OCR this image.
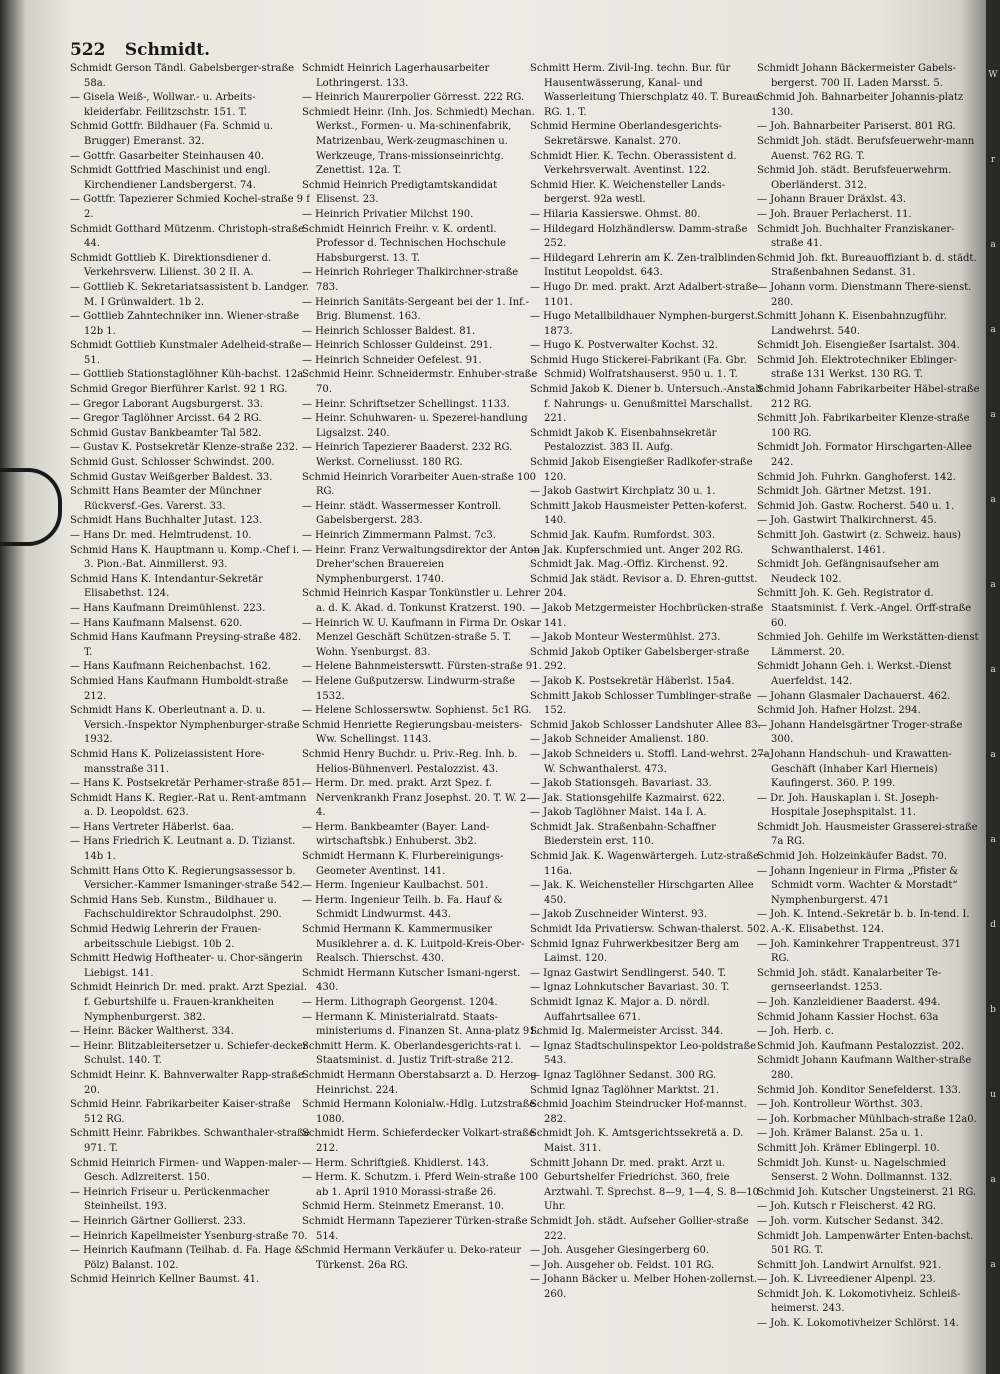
522 Schmidt.
Schmidt Gerson Tändl. Gabelsberger-straße 58a.
— Gisela Weiß-, Wollwar.- u. Arbeits-kleiderfabr. Feilitzschstr. 151. T.
Schmid Gottfr. Bildhauer (Fa. Schmid u. Brugger) Emeranst. 32.
— Gottfr. Gasarbeiter Steinhausen 40.
Schmidt Gottfried Maschinist und engl. Kirchendiener Landsbergerst. 74.
— Gottfr. Tapezierer Schmied Kochel-straße 9 f 2.
Schmidt Gotthard Mützenm. Christoph-straße 44.
Schmidt Gottlieb K. Direktionsdiener d. Verkehrsverw. Lilienst. 30 2 II. A.
— Gottlieb K. Sekretariatsassistent b. Landger. M. I Grünwaldert. 1b 2.
— Gottlieb Zahntechniker inn. Wiener-straße 12b 1.
Schmidt Gottlieb Kunstmaler Adelheid-straße 51.
— Gottlieb Stationstaglöhner Küh-bachst. 12a.
Schmid Gregor Bierführer Karlst. 92 1 RG.
— Gregor Laborant Augsburgerst. 33.
— Gregor Taglöhner Arcisst. 64 2 RG.
Schmid Gustav Bankbeamter Tal 582.
— Gustav K. Postsekretär Klenze-straße 232.
Schmid Gust. Schlosser Schwindst. 200.
Schmid Gustav Weißgerber Baldest. 33.
Schmitt Hans Beamter der Münchner Rückversf.-Ges. Varerst. 33.
Schmidt Hans Buchhalter Jutast. 123.
— Hans Dr. med. Helmtrudenst. 10.
Schmid Hans K. Hauptmann u. Komp.-Chef i. 3. Pion.-Bat. Ainmillerst. 93.
Schmid Hans K. Intendantur-Sekretär Elisabethst. 124.
— Hans Kaufmann Dreimühlenst. 223.
— Hans Kaufmann Malsenst. 620.
Schmid Hans Kaufmann Preysing-straße 482. T.
— Hans Kaufmann Reichenbachst. 162.
Schmied Hans Kaufmann Humboldt-straße 212.
Schmidt Hans K. Oberleutnant a. D. u. Versich.-Inspektor Nymphenburger-straße 1932.
Schmid Hans K. Polizeiassistent Hore-mansstraße 311.
— Hans K. Postsekretär Perhamer-straße 851.
Schmidt Hans K. Regier.-Rat u. Rent-amtmann a. D. Leopoldst. 623.
— Hans Vertreter Häberlst. 6aa.
— Hans Friedrich K. Leutnant a. D. Tizianst. 14b 1.
Schmitt Hans Otto K. Regierungsassessor b. Versicher.-Kammer Ismaninger-straße 542.
Schmid Hans Seb. Kunstm., Bildhauer u. Fachschuldirektor Schraudolphst. 290.
Schmid Hedwig Lehrerin der Frauen-arbeitsschule Liebigst. 10b 2.
Schmitt Hedwig Hoftheater- u. Chor-sängerin Liebigst. 141.
Schmidt Heinrich Dr. med. prakt. Arzt Spezial. f. Geburtshilfe u. Frauen-krankheiten Nymphenburgerst. 382.
— Heinr. Bäcker Waltherst. 334.
— Heinr. Blitzableitersetzer u. Schiefer-decker Schulst. 140. T.
Schmidt Heinr. K. Bahnverwalter Rapp-straße 20.
Schmid Heinr. Fabrikarbeiter Kaiser-straße 512 RG.
Schmitt Heinr. Fabrikbes. Schwanthaler-straße 971. T.
Schmid Heinrich Firmen- und Wappen-maler-Gesch. Adlzreiterst. 150.
— Heinrich Friseur u. Perückenmacher Steinheilst. 193.
— Heinrich Gärtner Gollierst. 233.
— Heinrich Kapellmeister Ysenburg-straße 70.
— Heinrich Kaufmann (Teilhab. d. Fa. Hage & Pölz) Balanst. 102.
Schmid Heinrich Kellner Baumst. 41.
Schmidt Heinrich Lagerhausarbeiter Lothringerst. 133.
— Heinrich Maurerpolier Görresst. 222 RG.
Schmiedt Heinr. (Inh. Jos. Schmiedt) Mechan. Werkst., Formen- u. Ma-schinenfabrik, Matrizenbau, Werk-zeugmaschinen u. Werkzeuge, Trans-missionseinrichtg. Zenettist. 12a. T.
Schmid Heinrich Predigtamtskandidat Elisenst. 23.
— Heinrich Privatier Milchst 190.
Schmidt Heinrich Freihr. v. K. ordentl. Professor d. Technischen Hochschule Habsburgerst. 13. T.
— Heinrich Rohrleger Thalkirchner-straße 783.
— Heinrich Sanitäts-Sergeant bei der 1. Inf.-Brig. Blumenst. 163.
— Heinrich Schlosser Baldest. 81.
— Heinrich Schlosser Guldeinst. 291.
— Heinrich Schneider Oefelest. 91.
Schmid Heinr. Schneidermstr. Enhuber-straße 70.
— Heinr. Schriftsetzer Schellingst. 1133.
— Heinr. Schuhwaren- u. Spezerei-handlung Ligsalzst. 240.
— Heinrich Tapezierer Baaderst. 232 RG. Werkst. Corneliusst. 180 RG.
Schmid Heinrich Vorarbeiter Auen-straße 100 RG.
— Heinr. städt. Wassermesser Kontroll. Gabelsbergerst. 283.
— Heinrich Zimmermann Palmst. 7c3.
— Heinr. Franz Verwaltungsdirektor der Anton Dreher'schen Brauereien Nymphenburgerst. 1740.
Schmid Heinrich Kaspar Tonkünstler u. Lehrer a. d. K. Akad. d. Tonkunst Kratzerst. 190.
— Heinrich W. U. Kaufmann in Firma Dr. Oskar Menzel Geschäft Schützen-straße 5. T. Wohn. Ysenburgst. 83.
— Helene Bahnmeisterswtt. Fürsten-straße 91.
— Helene Gußputzersw. Lindwurm-straße 1532.
— Helene Schlosserswtw. Sophienst. 5c1 RG.
Schmid Henriette Regierungsbau-meisters-Ww. Schellingst. 1143.
Schmid Henry Buchdr. u. Priv.-Reg. Inh. b. Helios-Bühnenverl. Pestalozzist. 43.
— Herm. Dr. med. prakt. Arzt Spez. f. Nervenkrankh Franz Josephst. 20. T. W. 2—4.
— Herm. Bankbeamter (Bayer. Land-wirtschaftsbk.) Enhuberst. 3b2.
Schmidt Hermann K. Flurbereinigungs-Geometer Aventinst. 141.
— Herm. Ingenieur Kaulbachst. 501.
— Herm. Ingenieur Teilh. b. Fa. Hauf & Schmidt Lindwurmst. 443.
Schmid Hermann K. Kammermusiker Musiklehrer a. d. K. Luitpold-Kreis-Ober-Realsch. Thierschst. 430.
Schmidt Hermann Kutscher Ismani-ngerst. 430.
— Herm. Lithograph Georgenst. 1204.
— Hermann K. Ministerialratd. Staats-ministeriums d. Finanzen St. Anna-platz 91.
Schmitt Herm. K. Oberlandesgerichts-rat i. Staatsminist. d. Justiz Trift-straße 212.
Schmidt Hermann Oberstabsarzt a. D. Herzog Heinrichst. 224.
Schmid Hermann Kolonialw.-Hdlg. Lutzstraße 1080.
Schmidt Herm. Schieferdecker Volkart-straße 212.
— Herm. Schriftgieß. Khidlerst. 143.
— Herm. K. Schutzm. i. Pferd Wein-straße 100 ab 1. April 1910 Morassi-straße 26.
Schmid Herm. Steinmetz Emeranst. 10.
Schmidt Hermann Tapezierer Türken-straße 514.
Schmid Hermann Verkäufer u. Deko-rateur Türkenst. 26a RG.
Schmitt Herm. Zivil-Ing. techn. Bur. für Hausentwässerung, Kanal- und Wasserleitung Thierschplatz 40. T. Bureau RG. 1. T.
Schmid Hermine Oberlandesgerichts-Sekretärswe. Kanalst. 270.
Schmidt Hier. K. Techn. Oberassistent d. Verkehrsverwalt. Aventinst. 122.
Schmid Hier. K. Weichensteller Lands-bergerst. 92a westl.
— Hilaria Kassierswe. Ohmst. 80.
— Hildegard Holzhändlersw. Damm-straße 252.
— Hildegard Lehrerin am K. Zen-tralblinden-Institut Leopoldst. 643.
— Hugo Dr. med. prakt. Arzt Adalbert-straße 1101.
— Hugo Metallbildhauer Nymphen-burgerst. 1873.
— Hugo K. Postverwalter Kochst. 32.
Schmid Hugo Stickerei-Fabrikant (Fa. Gbr. Schmid) Wolfratshauserst. 950 u. 1. T.
Schmid Jakob K. Diener b. Untersuch.-Anstalt f. Nahrungs- u. Genußmittel Marschallst. 221.
Schmidt Jakob K. Eisenbahnsekretär Pestalozzist. 383 II. Aufg.
Schmid Jakob Eisengießer Radlkofer-straße 120.
— Jakob Gastwirt Kirchplatz 30 u. 1.
Schmitt Jakob Hausmeister Petten-koferst. 140.
Schmid Jak. Kaufm. Rumfordst. 303.
— Jak. Kupferschmied unt. Anger 202 RG.
Schmidt Jak. Mag.-Offiz. Kirchenst. 92.
Schmid Jak städt. Revisor a. D. Ehren-guttst. 204.
— Jakob Metzgermeister Hochbrücken-straße 141.
— Jakob Monteur Westermühlst. 273.
Schmid Jakob Optiker Gabelsberger-straße 292.
— Jakob K. Postsekretär Häberlst. 15a4.
Schmitt Jakob Schlosser Tumblinger-straße 152.
Schmid Jakob Schlosser Landshuter Allee 83.
— Jakob Schneider Amalienst. 180.
— Jakob Schneiders u. Stoffl. Land-wehrst. 27a W. Schwanthalerst. 473.
— Jakob Stationsgeh. Bavariast. 33.
— Jak. Stationsgehilfe Kazmairst. 622.
— Jakob Taglöhner Maist. 14a I. A.
Schmidt Jak. Straßenbahn-Schaffner Biederstein erst. 110.
Schmid Jak. K. Wagenwärtergeh. Lutz-straße 116a.
— Jak. K. Weichensteller Hirschgarten Allee 450.
— Jakob Zuschneider Winterst. 93.
Schmidt Ida Privatiersw. Schwan-thalerst. 502.
Schmid Ignaz Fuhrwerkbesitzer Berg am Laimst. 120.
— Ignaz Gastwirt Sendlingerst. 540. T.
— Ignaz Lohnkutscher Bavariast. 30. T.
Schmidt Ignaz K. Major a. D. nördl. Auffahrtsallee 671.
Schmid Ig. Malermeister Arcisst. 344.
— Ignaz Stadtschulinspektor Leo-poldstraße 543.
— Ignaz Taglöhner Sedanst. 300 RG.
Schmid Ignaz Taglöhner Marktst. 21.
Schmid Joachim Steindrucker Hof-mannst. 282.
Schmidt Joh. K. Amtsgerichtssekretä a. D. Maist. 311.
Schmitt Johann Dr. med. prakt. Arzt u. Geburtshelfer Friedrichst. 360, freie Arztwahl. T. Sprechst. 8—9, 1—4, S. 8—10 Uhr.
Schmidt Joh. städt. Aufseher Gollier-straße 222.
— Joh. Ausgeher Giesingerberg 60.
— Joh. Ausgeher ob. Feldst. 101 RG.
— Johann Bäcker u. Melber Hohen-zollernst. 260.
Schmidt Johann Bäckermeister Gabels-bergerst. 700 II. Laden Marsst. 5.
Schmid Joh. Bahnarbeiter Johannis-platz 130.
— Joh. Bahnarbeiter Pariserst. 801 RG.
Schmidt Joh. städt. Berufsfeuerwehr-mann Auenst. 762 RG. T.
Schmid Joh. städt. Berufsfeuerwehrm. Oberländerst. 312.
— Johann Brauer Dräxlst. 43.
— Joh. Brauer Perlacherst. 11.
Schmidt Joh. Buchhalter Franziskaner-straße 41.
Schmid Joh. fkt. Bureauoffiziant b. d. städt. Straßenbahnen Sedanst. 31.
— Johann vorm. Dienstmann There-sienst. 280.
Schmitt Johann K. Eisenbahnzugführ. Landwehrst. 540.
Schmidt Joh. Eisengießer Isartalst. 304.
Schmid Joh. Elektrotechniker Eblinger-straße 131 Werkst. 130 RG. T.
Schmid Johann Fabrikarbeiter Häbel-straße 212 RG.
Schmitt Joh. Fabrikarbeiter Klenze-straße 100 RG.
Schmidt Joh. Formator Hirschgarten-Allee 242.
Schmid Joh. Fuhrkn. Ganghoferst. 142.
Schmidt Joh. Gärtner Metzst. 191.
Schmid Joh. Gastw. Rocherst. 540 u. 1.
— Joh. Gastwirt Thalkirchnerst. 45.
Schmitt Joh. Gastwirt (z. Schweiz. haus) Schwanthalerst. 1461.
Schmidt Joh. Gefängnisaufseher am Neudeck 102.
Schmitt Joh. K. Geh. Registrator d. Staatsminist. f. Verk.-Angel. Orff-straße 60.
Schmied Joh. Gehilfe im Werkstätten-dienst Lämmerst. 20.
Schmidt Johann Geh. i. Werkst.-Dienst Auerfeldst. 142.
— Johann Glasmaler Dachauerst. 462.
Schmid Joh. Hafner Holzst. 294.
— Johann Handelsgärtner Troger-straße 300.
— Johann Handschuh- und Krawatten-Geschäft (Inhaber Karl Hierneis) Kaufingerst. 360. P. 199.
— Dr. Joh. Hauskaplan i. St. Joseph-Hospitale Josephspitalst. 11.
Schmidt Joh. Hausmeister Grasserei-straße 7a RG.
Schmid Joh. Holzeinkäufer Badst. 70.
— Johann Ingenieur in Firma „Pfister & Schmidt vorm. Wachter & Morstadt“ Nymphenburgerst. 471
— Joh. K. Intend.-Sekretär b. b. In-tend. I. A.-K. Elisabethst. 124.
— Joh. Kaminkehrer Trappentreust. 371 RG.
Schmid Joh. städt. Kanalarbeiter Te-gernseerlandst. 1253.
— Joh. Kanzleidiener Baaderst. 494.
Schmid Johann Kassier Hochst. 63a
— Joh. Herb. c.
Schmid Joh. Kaufmann Pestalozzist. 202.
Schmidt Johann Kaufmann Walther-straße 280.
Schmid Joh. Konditor Senefelderst. 133.
— Joh. Kontrolleur Wörthst. 303.
— Joh. Korbmacher Mühlbach-straße 12a0.
— Joh. Krämer Balanst. 25a u. 1.
Schmitt Joh. Krämer Eblingerpl. 10.
Schmidt Joh. Kunst- u. Nagelschmied Senserst. 2 Wohn. Dollmannst. 132.
Schmid Joh. Kutscher Ungsteinerst. 21 RG.
— Joh. Kutsch r Fleischerst. 42 RG.
— Joh. vorm. Kutscher Sedanst. 342.
Schmidt Joh. Lampenwärter Enten-bachst. 501 RG. T.
Schmitt Joh. Landwirt Arnulfst. 921.
— Joh. K. Livreediener Alpenpl. 23.
Schmidt Joh. K. Lokomotivheiz. Schleiß-heimerst. 243.
— Joh. K. Lokomotivheizer Schlörst. 14.
W
r
a
a
a
a
a
a
a
a
d
b
u
a
a
